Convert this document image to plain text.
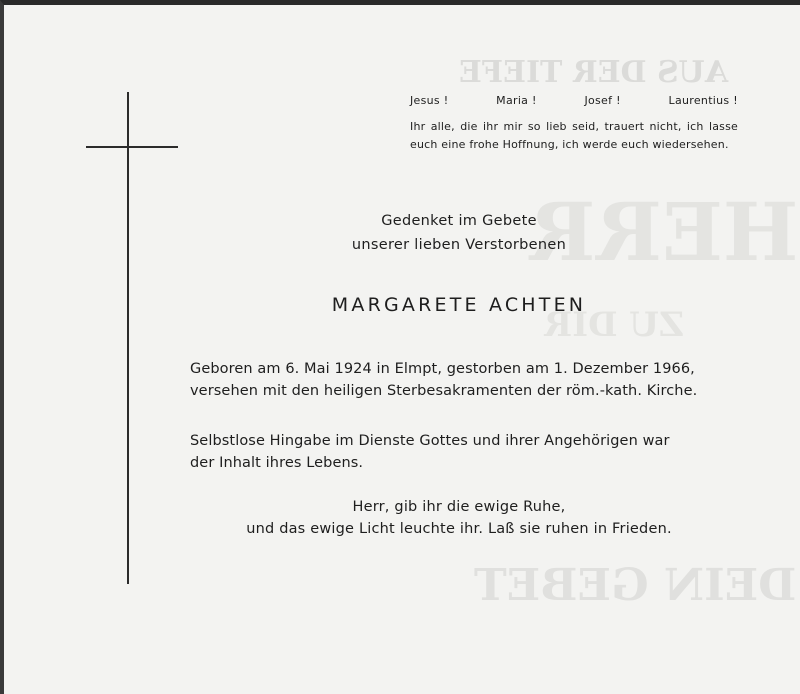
AUS DER TIEFE
HERR
ZU DIR
DEIN GEBET
Jesus !	Maria !	Josef !	Laurentius !
Ihr alle, die ihr mir so lieb seid, trauert nicht, ich lasse euch eine frohe Hoffnung, ich werde euch wiedersehen.
Gedenket im Gebete
unserer lieben Verstorbenen
MARGARETE ACHTEN
Geboren am 6. Mai 1924 in Elmpt, gestorben am 1. Dezember 1966,
versehen mit den heiligen Sterbesakramenten der röm.-kath. Kirche.
Selbstlose Hingabe im Dienste Gottes und ihrer Angehörigen war
der Inhalt ihres Lebens.
Herr, gib ihr die ewige Ruhe,
und das ewige Licht leuchte ihr. Laß sie ruhen in Frieden.
